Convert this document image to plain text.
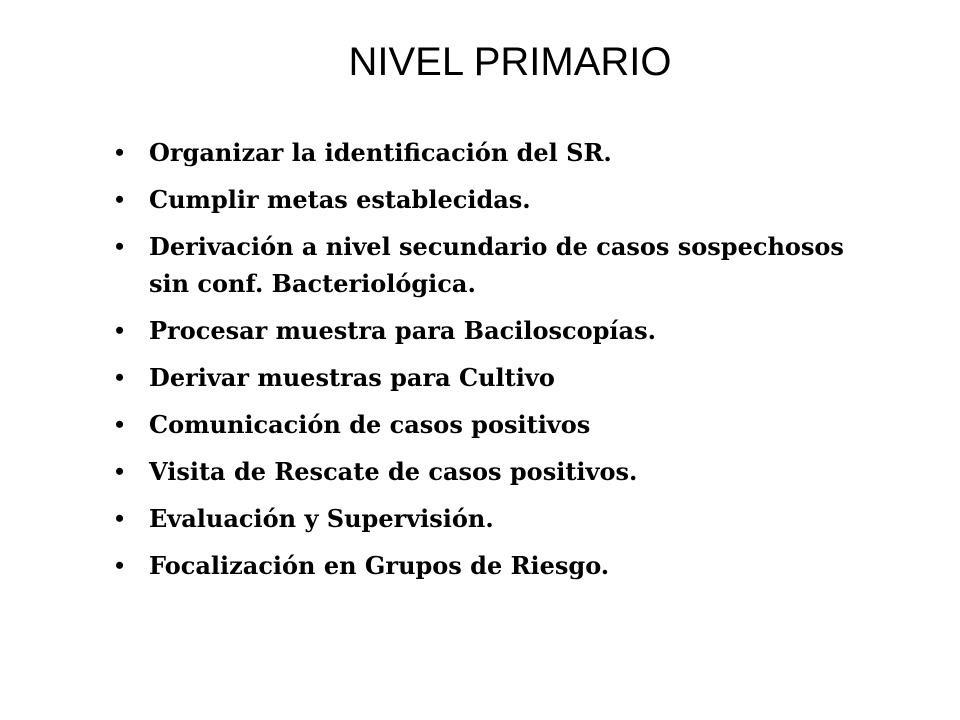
NIVEL PRIMARIO
• Organizar la identificación del SR.
• Cumplir metas establecidas.
• Derivación a nivel secundario de casos sospechosos sin conf. Bacteriológica.
• Procesar muestra para Baciloscopías.
• Derivar muestras para Cultivo
• Comunicación de casos positivos
• Visita de Rescate de casos positivos.
• Evaluación y Supervisión.
• Focalización en Grupos de Riesgo.
